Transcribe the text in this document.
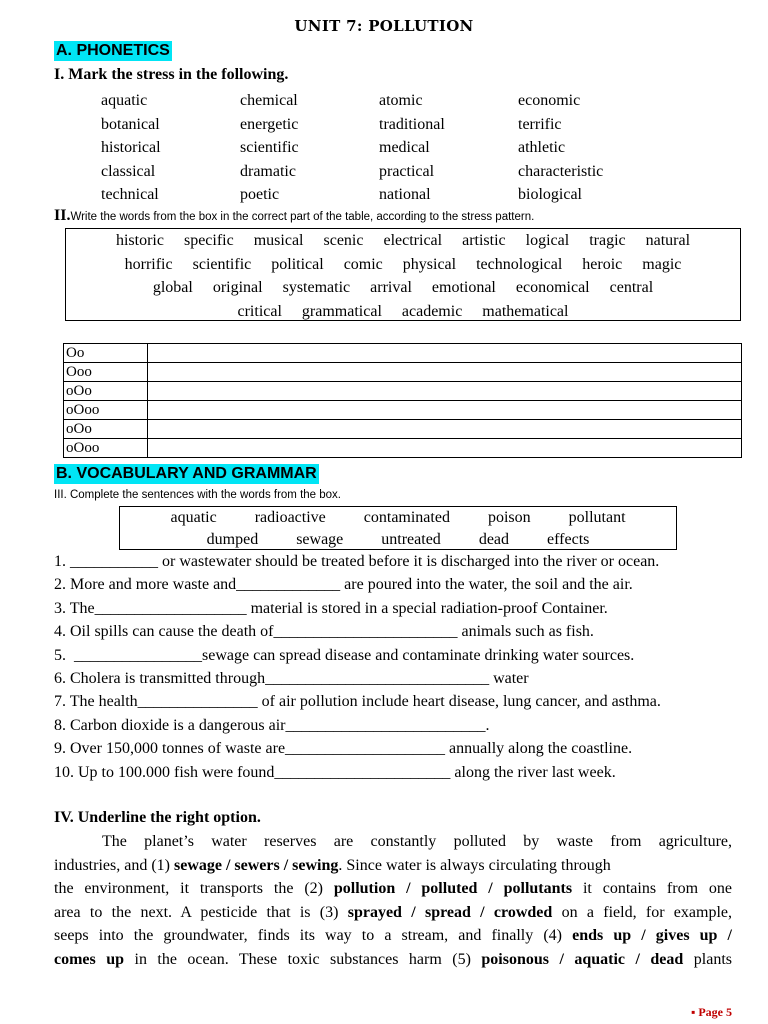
UNIT 7: POLLUTION
A. PHONETICS
I. Mark the stress in the following.
aquatic	chemical	atomic	economic
botanical	energetic	traditional	terrific
historical	scientific	medical	athletic
classical	dramatic	practical	characteristic
technical	poetic	national	biological
II.Write the words from the box in the correct part of the table, according to the stress pattern.
historic specific musical scenic electrical artistic logical tragic natural
horrific scientific political comic physical technological heroic magic
global original systematic arrival emotional economical central
critical grammatical academic mathematical
Oo	
Ooo	
oOo	
oOoo	
oOo	
oOoo	
B. VOCABULARY AND GRAMMAR
III. Complete the sentences with the words from the box.
aquatic radioactive contaminated poison pollutant
dumped sewage untreated dead effects
1. ___________ or wastewater should be treated before it is discharged into the river or ocean.
2. More and more waste and_____________ are poured into the water, the soil and the air.
3. The___________________ material is stored in a special radiation-proof Container.
4. Oil spills can cause the death of_______________________ animals such as fish.
5.  ________________sewage can spread disease and contaminate drinking water sources.
6. Cholera is transmitted through____________________________ water
7. The health_______________ of air pollution include heart disease, lung cancer, and asthma.
8. Carbon dioxide is a dangerous air_________________________.
9. Over 150,000 tonnes of waste are____________________ annually along the coastline.
10. Up to 100.000 fish were found______________________ along the river last week.
IV. Underline the right option.
The planet’s water reserves are constantly polluted by waste from agriculture,
industries, and (1) sewage / sewers / sewing. Since water is always circulating through
the environment, it transports the (2) pollution / polluted / pollutants it contains from one
area to the next. A pesticide that is (3) sprayed / spread / crowded on a field, for example,
seeps into the groundwater, finds its way to a stream, and finally (4) ends up / gives up /
comes up in the ocean. These toxic substances harm (5) poisonous / aquatic / dead plants
▪ Page 5
